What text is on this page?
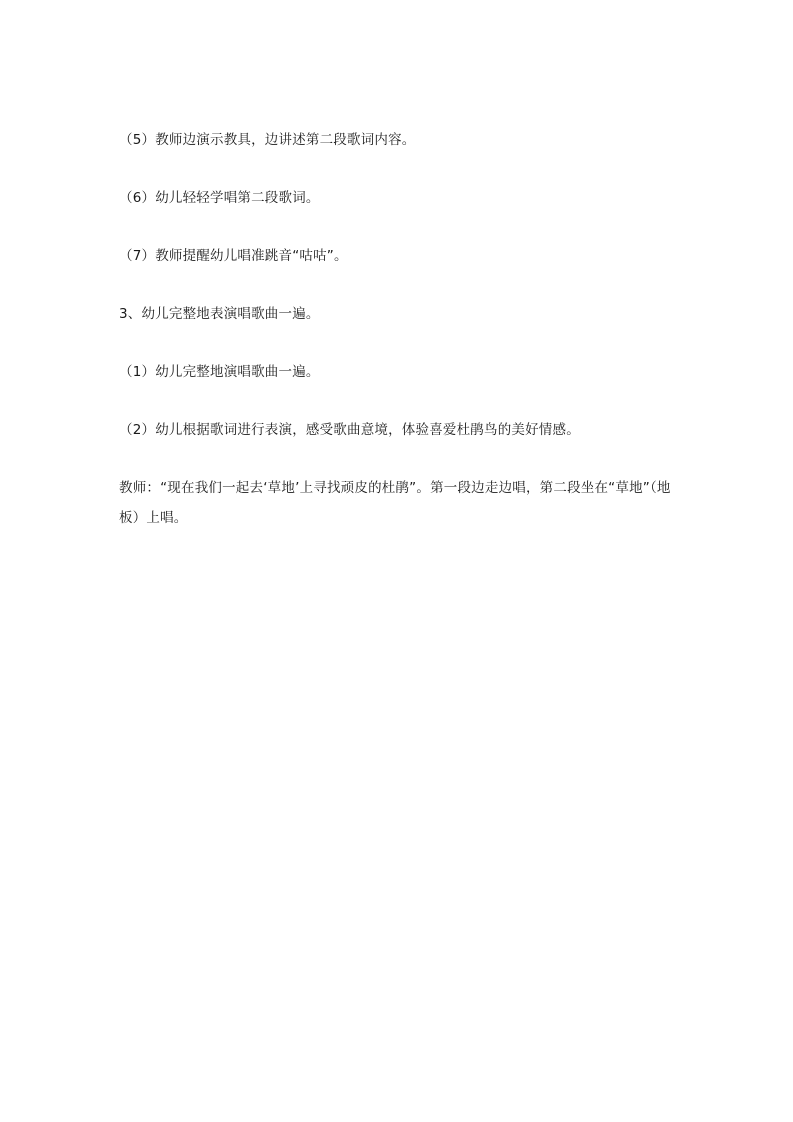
（5）教师边演示教具，边讲述第二段歌词内容。

（6）幼儿轻轻学唱第二段歌词。

（7）教师提醒幼儿唱准跳音“咕咕”。

3、幼儿完整地表演唱歌曲一遍。

（1）幼儿完整地演唱歌曲一遍。

（2）幼儿根据歌词进行表演，感受歌曲意境，体验喜爱杜鹃鸟的美好情感。

教师：“现在我们一起去‘草地’上寻找顽皮的杜鹃”。第一段边走边唱，第二段坐在“草地”（地板）上唱。
